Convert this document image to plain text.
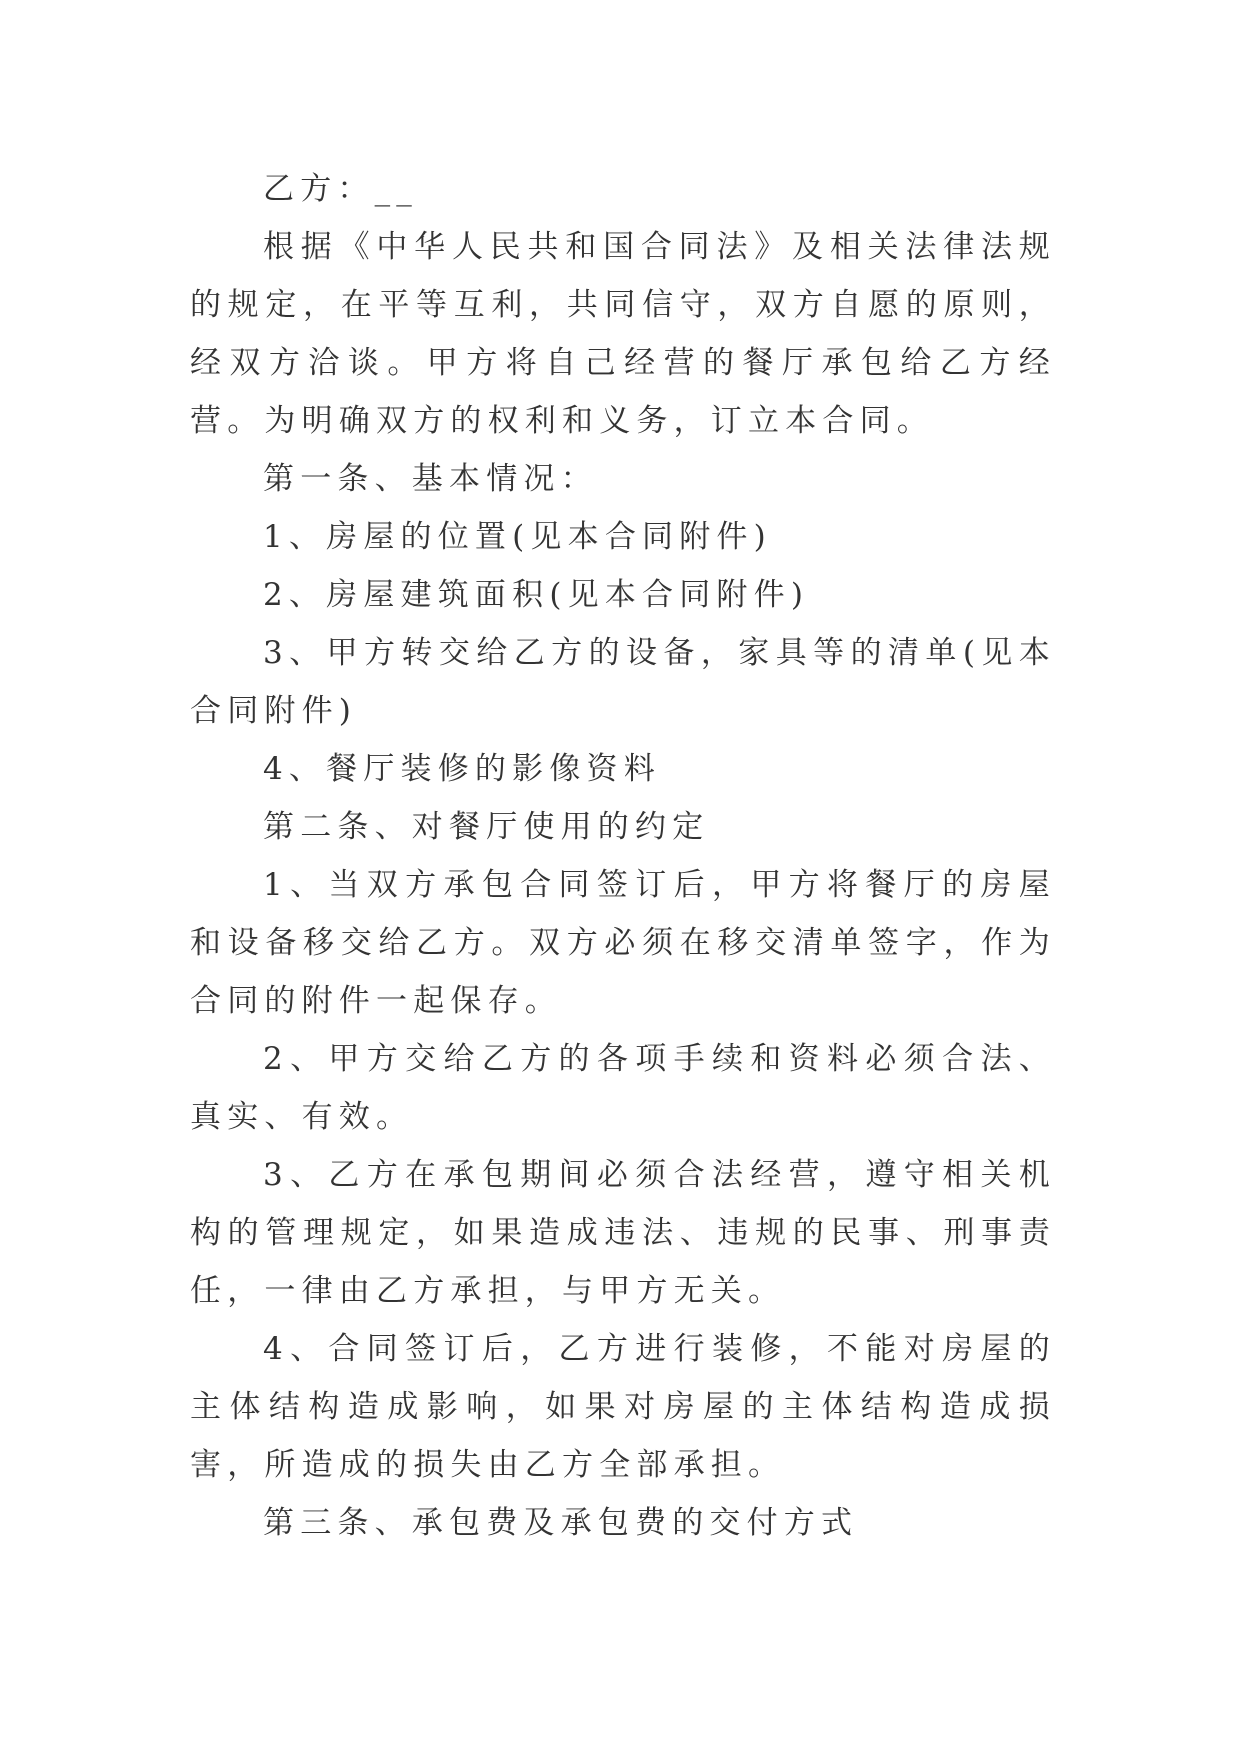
乙方：__

根据《中华人民共和国合同法》及相关法律法规的规定，在平等互利，共同信守，双方自愿的原则，经双方洽谈。甲方将自己经营的餐厅承包给乙方经营。为明确双方的权利和义务，订立本合同。

第一条、基本情况：

1、房屋的位置(见本合同附件)

2、房屋建筑面积(见本合同附件)

3、甲方转交给乙方的设备，家具等的清单(见本合同附件)

4、餐厅装修的影像资料

第二条、对餐厅使用的约定

1、当双方承包合同签订后，甲方将餐厅的房屋和设备移交给乙方。双方必须在移交清单签字，作为合同的附件一起保存。

2、甲方交给乙方的各项手续和资料必须合法、真实、有效。

3、乙方在承包期间必须合法经营，遵守相关机构的管理规定，如果造成违法、违规的民事、刑事责任，一律由乙方承担，与甲方无关。

4、合同签订后，乙方进行装修，不能对房屋的主体结构造成影响，如果对房屋的主体结构造成损害，所造成的损失由乙方全部承担。

第三条、承包费及承包费的交付方式
